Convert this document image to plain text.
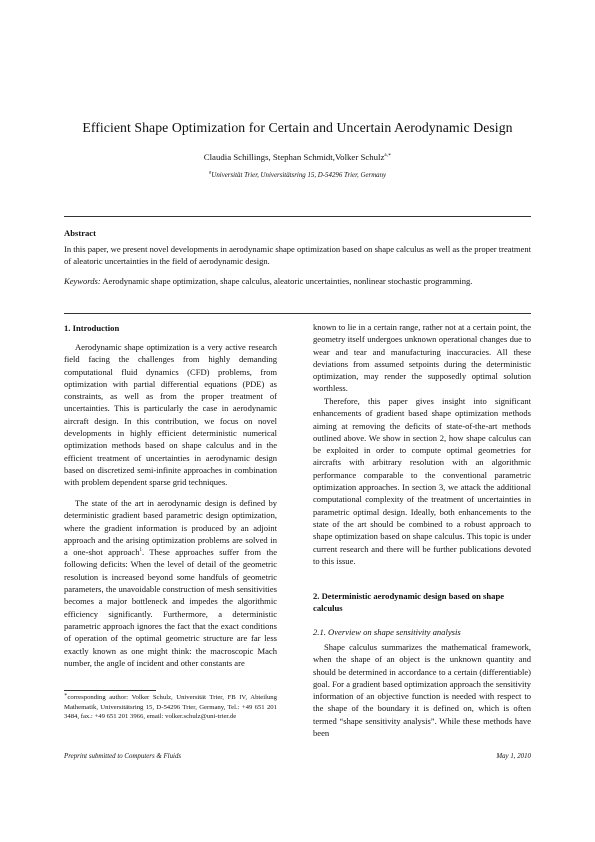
Efficient Shape Optimization for Certain and Uncertain Aerodynamic Design
Claudia Schillings, Stephan Schmidt,Volker Schulz$^{a,∗}$
$^a$Universität Trier, Universitätsring 15, D-54296 Trier, Germany
Abstract
In this paper, we present novel developments in aerodynamic shape optimization based on shape calculus as well as the proper treatment of aleatoric uncertainties in the field of aerodynamic design.
Keywords: Aerodynamic shape optimization, shape calculus, aleatoric uncertainties, nonlinear stochastic programming.
1. Introduction
Aerodynamic shape optimization is a very active research field facing the challenges from highly demanding computational fluid dynamics (CFD) problems, from optimization with partial differential equations (PDE) as constraints, as well as from the proper treatment of uncertainties. This is particularly the case in aerodynamic aircraft design. In this contribution, we focus on novel developments in highly efficient deterministic numerical optimization methods based on shape calculus and in the efficient treatment of uncertainties in aerodynamic design based on discretized semi-infinite approaches in combination with problem dependent sparse grid techniques.
The state of the art in aerodynamic design is defined by deterministic gradient based parametric design optimization, where the gradient information is produced by an adjoint approach and the arising optimization problems are solved in a one-shot approach$^1$. These approaches suffer from the following deficits: When the level of detail of the geometric resolution is increased beyond some handfuls of geometric parameters, the unavoidable construction of mesh sensitivities becomes a major bottleneck and impedes the algorithmic efficiency significantly. Furthermore, a deterministic parametric approach ignores the fact that the exact conditions of operation of the optimal geometric structure are far less exactly known as one might think: the macroscopic Mach number, the angle of incident and other constants are
∗corresponding author: Volker Schulz, Universität Trier, FB IV, Abteilung Mathematik, Universitätsring 15, D-54296 Trier, Germany, Tel.: +49 651 201 3484, fax.: +49 651 201 3966, email: volker.schulz@uni-trier.de
known to lie in a certain range, rather not at a certain point, the geometry itself undergoes unknown operational changes due to wear and tear and manufacturing inaccuracies. All these deviations from assumed setpoints during the deterministic optimization, may render the supposedly optimal solution worthless.
Therefore, this paper gives insight into significant enhancements of gradient based shape optimization methods aiming at removing the deficits of state-of-the-art methods outlined above. We show in section 2, how shape calculus can be exploited in order to compute optimal geometries for aircrafts with arbitrary resolution with an algorithmic performance comparable to the conventional parametric optimization approaches. In section 3, we attack the additional computational complexity of the treatment of uncertainties in parametric optimal design. Ideally, both enhancements to the state of the art should be combined to a robust approach to shape optimization based on shape calculus. This topic is under current research and there will be further publications devoted to this issue.
2. Deterministic aerodynamic design based on shape calculus
2.1. Overview on shape sensitivity analysis
Shape calculus summarizes the mathematical framework, when the shape of an object is the unknown quantity and should be determined in accordance to a certain (differentiable) goal. For a gradient based optimization approach the sensitivity information of an objective function is needed with respect to the shape of the boundary it is defined on, which is often termed “shape sensitivity analysis”. While these methods have been
Preprint submitted to Computers & Fluids	May 1, 2010
